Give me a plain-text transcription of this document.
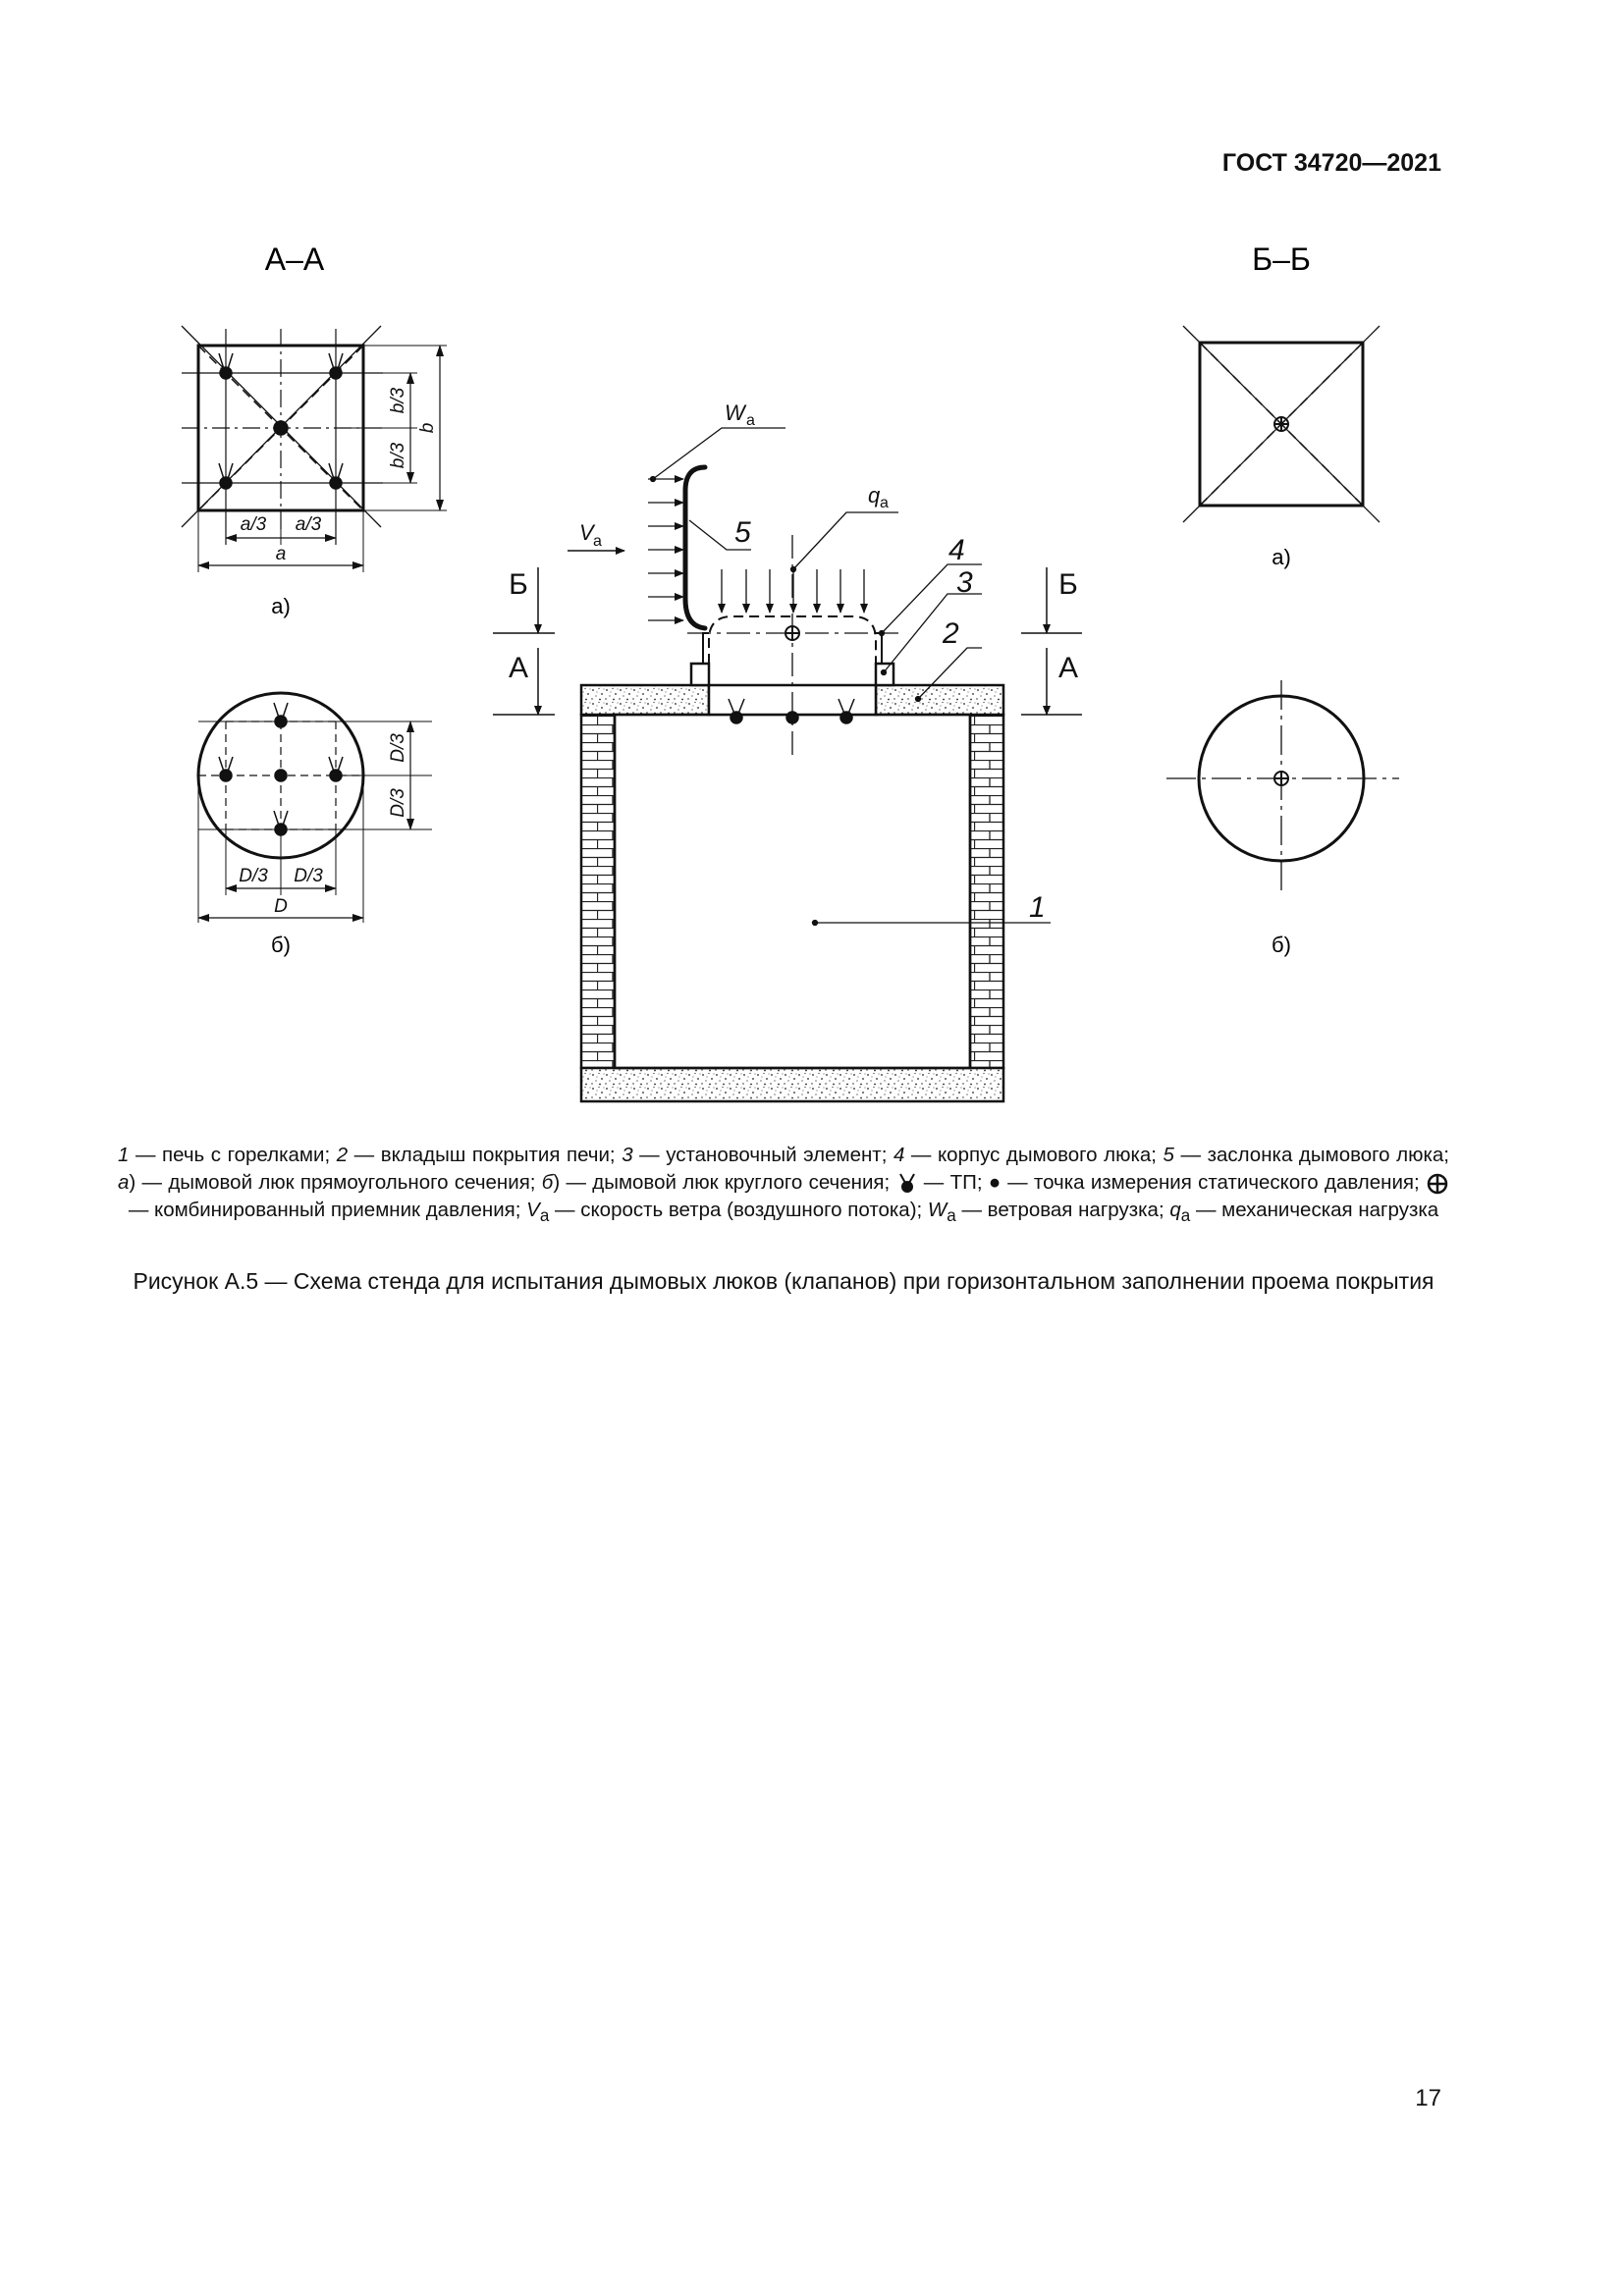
ГОСТ 34720—2021
А–А
a/3 a/3
a
b/3
b/3
b
а)
D/3
D/3
D/3 D/3
D
б)
Б–Б
а)
б)
Б
А
Б
А
5
4
3
2
1
W а
V а
q а
1 — печь с горелками; 2 — вкладыш покрытия печи; 3 — установочный элемент; 4 — корпус дымового люка; 5 — заслонка дымового люка; а) — дымовой люк прямоугольного сечения; б) — дымовой люк круглого сечения;  — ТП; ● — точка измерения статического давления;  — комбинированный приемник давления; $V_а$ — скорость ветра (воздушного потока); $W_а$ — ветровая нагрузка; $q_а$ — механическая нагрузка
Рисунок А.5 — Схема стенда для испытания дымовых люков (клапанов) при горизонтальном заполнении проема покрытия
17
